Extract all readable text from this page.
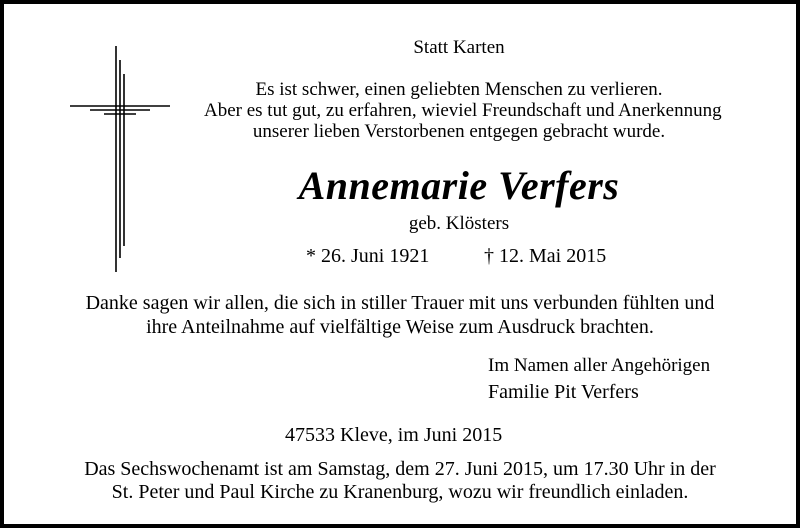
Statt Karten
Es ist schwer, einen geliebten Menschen zu verlieren.
Aber es tut gut, zu erfahren, wieviel Freundschaft und Anerkennung
unserer lieben Verstorbenen entgegen gebracht wurde.
Annemarie Verfers
geb. Klösters
* 26. Juni 1921	† 12. Mai 2015
Danke sagen wir allen, die sich in stiller Trauer mit uns verbunden fühlten und
ihre Anteilnahme auf vielfältige Weise zum Ausdruck brachten.
Im Namen aller Angehörigen
Familie Pit Verfers
47533 Kleve, im Juni 2015
Das Sechswochenamt ist am Samstag, dem 27. Juni 2015, um 17.30 Uhr in der
St. Peter und Paul Kirche zu Kranenburg, wozu wir freundlich einladen.
